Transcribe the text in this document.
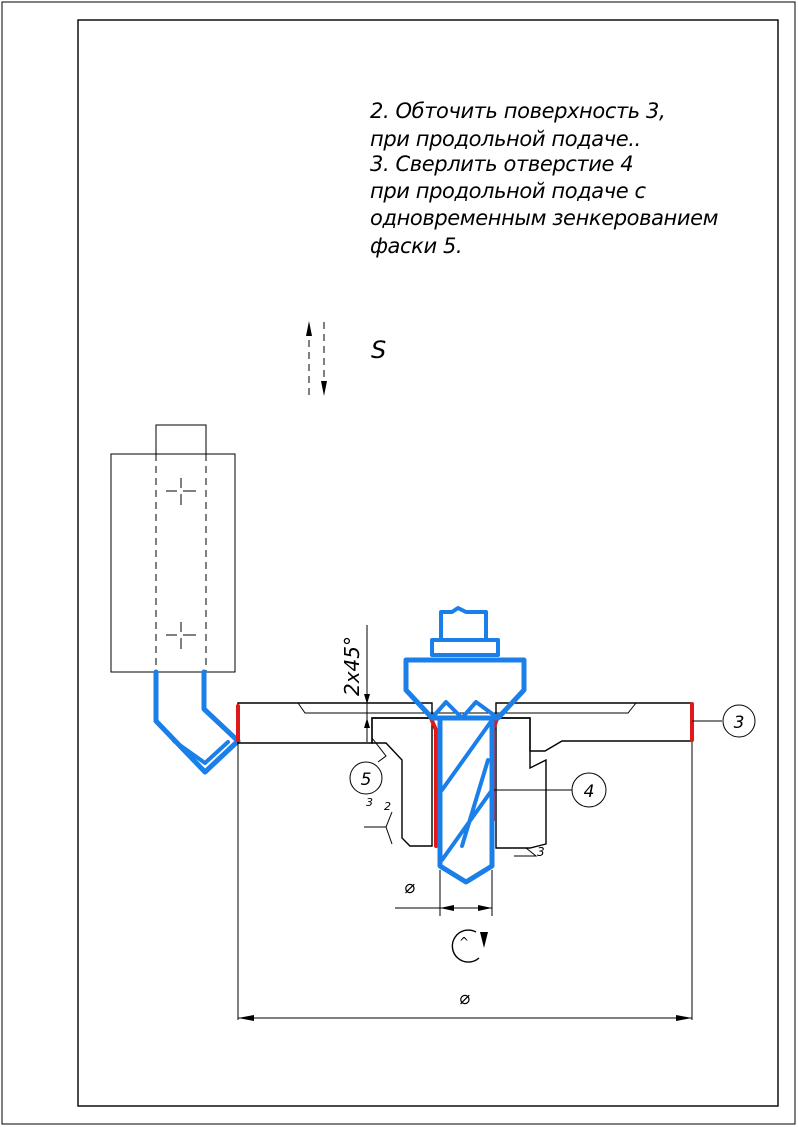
2. Обточить поверхность 3,
при продольной подаче..
3. Сверлить отверстие 4
при продольной подаче с
одновременным зенкерованием
фаски 5.
S
2х45°
3
4
5
3 2
3
⌀
^
⌀
